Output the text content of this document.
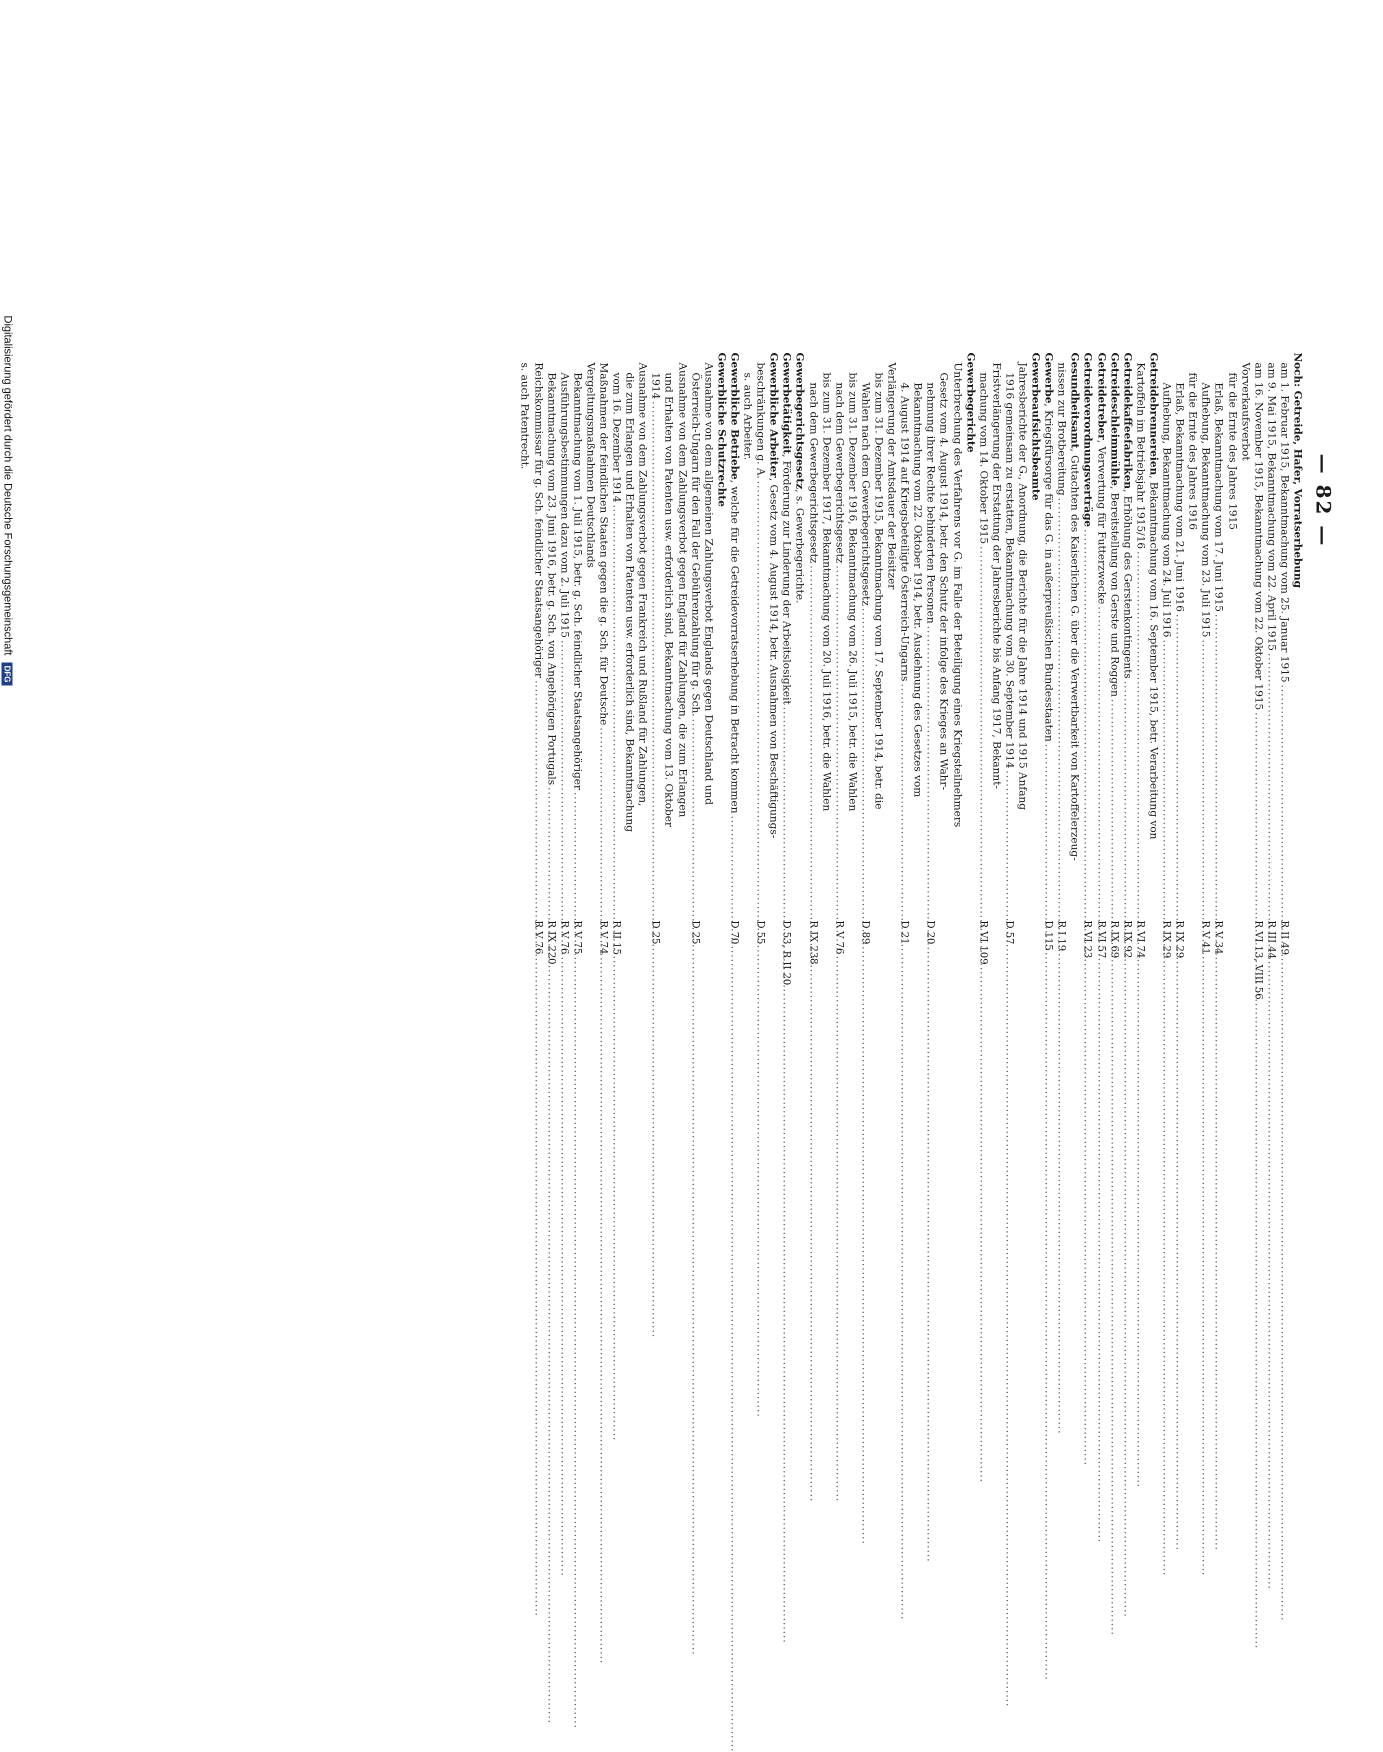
· · · · ·
— 82 —
Noch: Getreide, Hafer, Vorratserhebung
am 1. Februar 1915, Bekanntmachung vom 25. Januar 1915
.....
R II 49
am 9. Mai 1915, Bekanntmachung vom 22. April 1915
.....
R III 44
am 16. November 1915, Bekanntmachung vom 22. Oktober 1915
.....
R VI 13, VIII 56
Vorverkaufsverbot
für die Ernte des Jahres 1915
Erlaß, Bekanntmachung vom 17. Juni 1915
.....
R V 34
Aufhebung, Bekanntmachung vom 23. Juli 1915
.....
R V 41
für die Ernte des Jahres 1916
Erlaß, Bekanntmachung vom 21. Juni 1916
.....
R IX 29
Aufhebung, Bekanntmachung vom 24. Juli 1916
.....
R IX 29
Getreidebrennereien, Bekanntmachung vom 16. September 1915, betr. Verarbeitung von
Kartoffeln im Betriebsjahr 1915/16
.....
R VI 74
Getreidekaffeefabriken, Erhöhung des Gerstenkontingents
.....
R IX 92
Getreideschleimmühle, Bereitstellung von Gerste und Roggen
.....
R IX 69
Getreidetreber, Verwertung für Futterzwecke
.....
R VI 57
Getreideverordnungsverträge
.....
R VI 23
Gesundheitsamt, Gutachten des Kaiserlichen G. über die Verwertbarkeit von Kartoffelerzeug-
nissen zur Brotbereitung
.....
R I 19
Gewerbe, Kriegsfürsorge für das G. in außerpreußischen Bundesstaaten
.....
D 115
Gewerbeaufsichtsbeamte
Jahresberichte der G., Anordnung, die Berichte für die Jahre 1914 und 1915 Anfang
1916 gemeinsam zu erstatten, Bekanntmachung vom 30. September 1914
.....
D 57
Fristverlängerung der Erstattung der Jahresberichte bis Anfang 1917, Bekannt-
machung vom 14. Oktober 1915
.....
R VI 109
Gewerbegerichte
Unterbrechung des Verfahrens vor G. im Falle der Beteiligung eines Kriegsteilnehmers
Gesetz vom 4. August 1914, betr. den Schutz der infolge des Krieges an Wahr-
nehmung ihrer Rechte behinderten Personen
.....
D 20
Bekanntmachung vom 22. Oktober 1914, betr. Ausdehnung des Gesetzes vom
4. August 1914 auf Kriegsbeteiligte Österreich-Ungarns
.....
D 21
Verlängerung der Amtsdauer der Beisitzer
bis zum 31. Dezember 1915, Bekanntmachung vom 17. September 1914, betr. die
Wahlen nach dem Gewerbegerichtsgesetz
.....
D 89
bis zum 31. Dezember 1916, Bekanntmachung vom 26. Juli 1915, betr. die Wahlen
nach dem Gewerbegerichtsgesetz
.....
R V 76
bis zum 31. Dezember 1917, Bekanntmachung vom 20. Juli 1916, betr. die Wahlen
nach dem Gewerbegerichtsgesetz
.....
R IX 238
Gewerbegerichtsgesetz, s. Gewerbegerichte.
Gewerbetätigkeit, Förderung zur Linderung der Arbeitslosigkeit
.....
D 53, R II 20
Gewerbliche Arbeiter, Gesetz vom 4. August 1914, betr. Ausnahmen von Beschäftigungs-
beschränkungen g. A.
.....
D 55
s. auch Arbeiter.
Gewerbliche Betriebe, welche für die Getreidevorratserhebung in Betracht kommen
.....
D 70
Gewerbliche Schutzrechte
Ausnahme von dem allgemeinen Zahlungsverbot Englands gegen Deutschland und
Österreich-Ungarn für den Fall der Gebührenzahlung für g. Sch.
.....
D 25
Ausnahme von dem Zahlungsverbot gegen England für Zahlungen, die zum Erlangen
und Erhalten von Patenten usw. erforderlich sind, Bekanntmachung vom 13. Oktober
1914
.....
D 25
Ausnahme von dem Zahlungsverbot gegen Frankreich und Rußland für Zahlungen,
die zum Erlangen und Erhalten von Patenten usw. erforderlich sind, Bekanntmachung
vom 16. Dezember 1914
.....
R II 15
Maßnahmen der feindlichen Staaten gegen die g. Sch. für Deutsche
.....
R V 74
Vergeltungsmaßnahmen Deutschlands
Bekanntmachung vom 1. Juli 1915, betr. g. Sch. feindlicher Staatsangehöriger
.....
R V 75
Ausführungsbestimmungen dazu vom 2. Juli 1915
.....
R V 76
Bekanntmachung vom 23. Juni 1916, betr. g. Sch. von Angehörigen Portugals
.....
R IX 220
Reichskommissar für g. Sch. feindlicher Staatsangehöriger
.....
R V 76
s. auch Patentrecht.
Digitalisierung gefördert durch die Deutsche Forschungsgemeinschaft DFG
